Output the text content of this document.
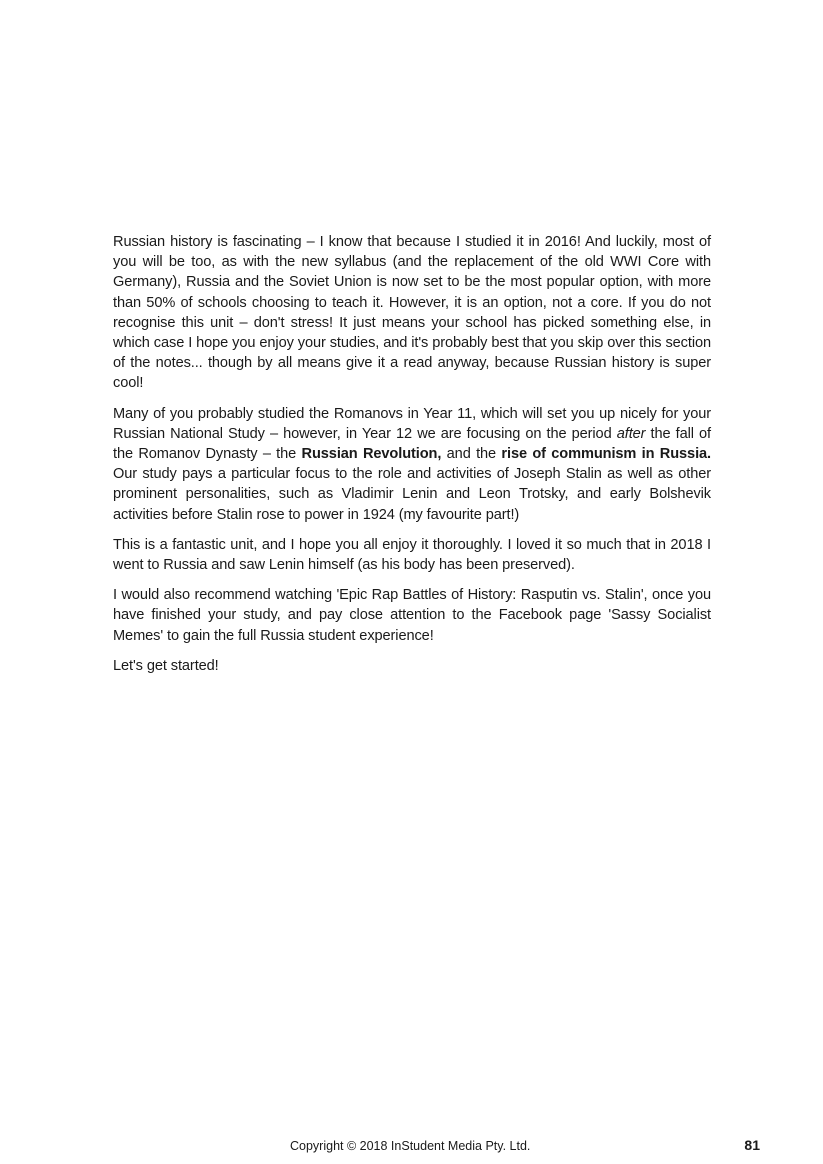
Russian history is fascinating – I know that because I studied it in 2016! And luckily, most of you will be too, as with the new syllabus (and the replacement of the old WWI Core with Germany), Russia and the Soviet Union is now set to be the most popular option, with more than 50% of schools choosing to teach it. However, it is an option, not a core. If you do not recognise this unit – don't stress! It just means your school has picked something else, in which case I hope you enjoy your studies, and it's probably best that you skip over this section of the notes... though by all means give it a read anyway, because Russian history is super cool!

Many of you probably studied the Romanovs in Year 11, which will set you up nicely for your Russian National Study – however, in Year 12 we are focusing on the period after the fall of the Romanov Dynasty – the Russian Revolution, and the rise of communism in Russia. Our study pays a particular focus to the role and activities of Joseph Stalin as well as other prominent personalities, such as Vladimir Lenin and Leon Trotsky, and early Bolshevik activities before Stalin rose to power in 1924 (my favourite part!)

This is a fantastic unit, and I hope you all enjoy it thoroughly. I loved it so much that in 2018 I went to Russia and saw Lenin himself (as his body has been preserved).

I would also recommend watching 'Epic Rap Battles of History: Rasputin vs. Stalin', once you have finished your study, and pay close attention to the Facebook page 'Sassy Socialist Memes' to gain the full Russia student experience!

Let's get started!

Copyright © 2018 InStudent Media Pty. Ltd.	81
